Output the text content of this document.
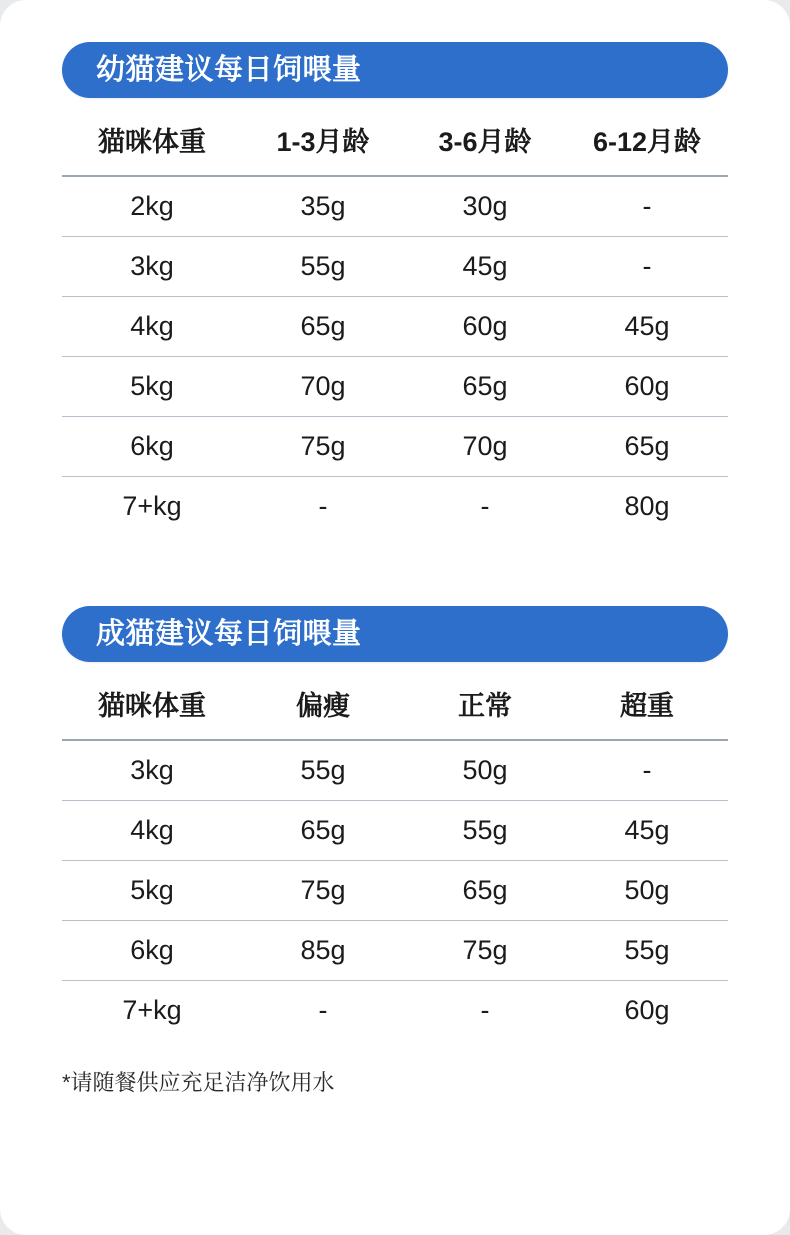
幼猫建议每日饲喂量
猫咪体重	1-3月龄	3-6月龄	6-12月龄
2kg	35g	30g	-
3kg	55g	45g	-
4kg	65g	60g	45g
5kg	70g	65g	60g
6kg	75g	70g	65g
7+kg	-	-	80g
成猫建议每日饲喂量
猫咪体重	偏瘦	正常	超重
3kg	55g	50g	-
4kg	65g	55g	45g
5kg	75g	65g	50g
6kg	85g	75g	55g
7+kg	-	-	60g
*请随餐供应充足洁净饮用水
